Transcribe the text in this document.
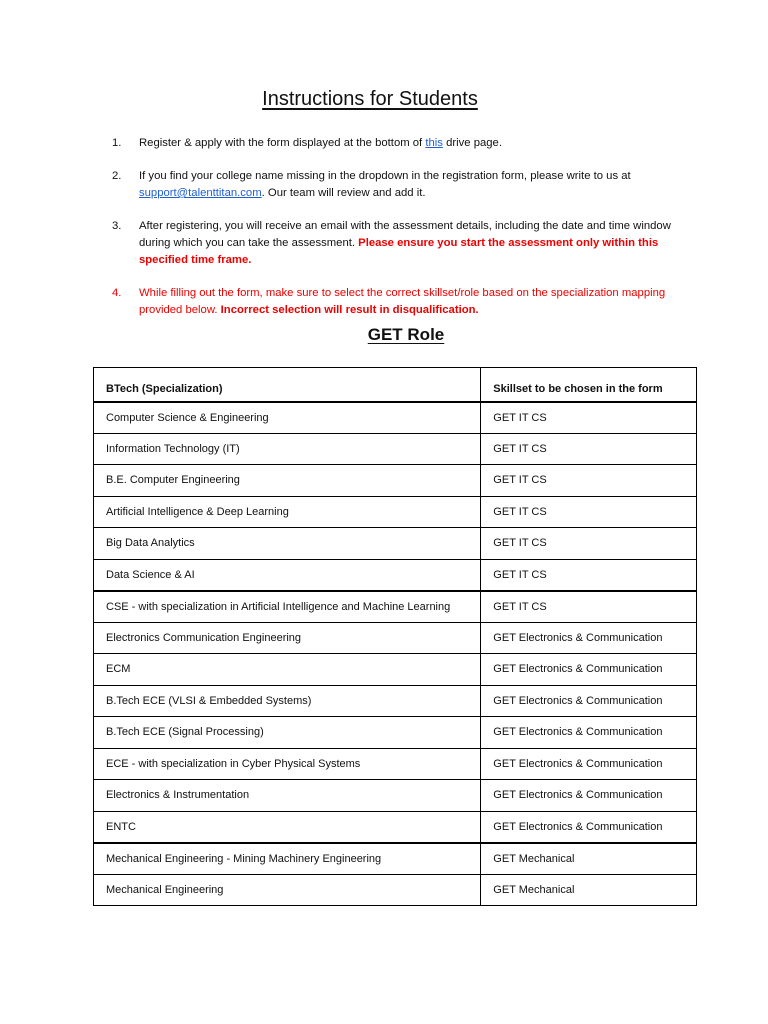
Instructions for Students
1.	Register & apply with the form displayed at the bottom of this drive page.
2.	If you find your college name missing in the dropdown in the registration form, please write to us at support@talenttitan.com. Our team will review and add it.
3.	After registering, you will receive an email with the assessment details, including the date and time window during which you can take the assessment. Please ensure you start the assessment only within this specified time frame.
4.	While filling out the form, make sure to select the correct skillset/role based on the specialization mapping provided below. Incorrect selection will result in disqualification.
GET Role
BTech (Specialization)	Skillset to be chosen in the form
Computer Science & Engineering	GET IT CS
Information Technology (IT)	GET IT CS
B.E. Computer Engineering	GET IT CS
Artificial Intelligence & Deep Learning	GET IT CS
Big Data Analytics	GET IT CS
Data Science & AI	GET IT CS
CSE - with specialization in Artificial Intelligence and Machine Learning	GET IT CS
Electronics Communication Engineering	GET Electronics & Communication
ECM	GET Electronics & Communication
B.Tech ECE (VLSI & Embedded Systems)	GET Electronics & Communication
B.Tech ECE (Signal Processing)	GET Electronics & Communication
ECE - with specialization in Cyber Physical Systems	GET Electronics & Communication
Electronics & Instrumentation	GET Electronics & Communication
ENTC	GET Electronics & Communication
Mechanical Engineering - Mining Machinery Engineering	GET Mechanical
Mechanical Engineering	GET Mechanical
